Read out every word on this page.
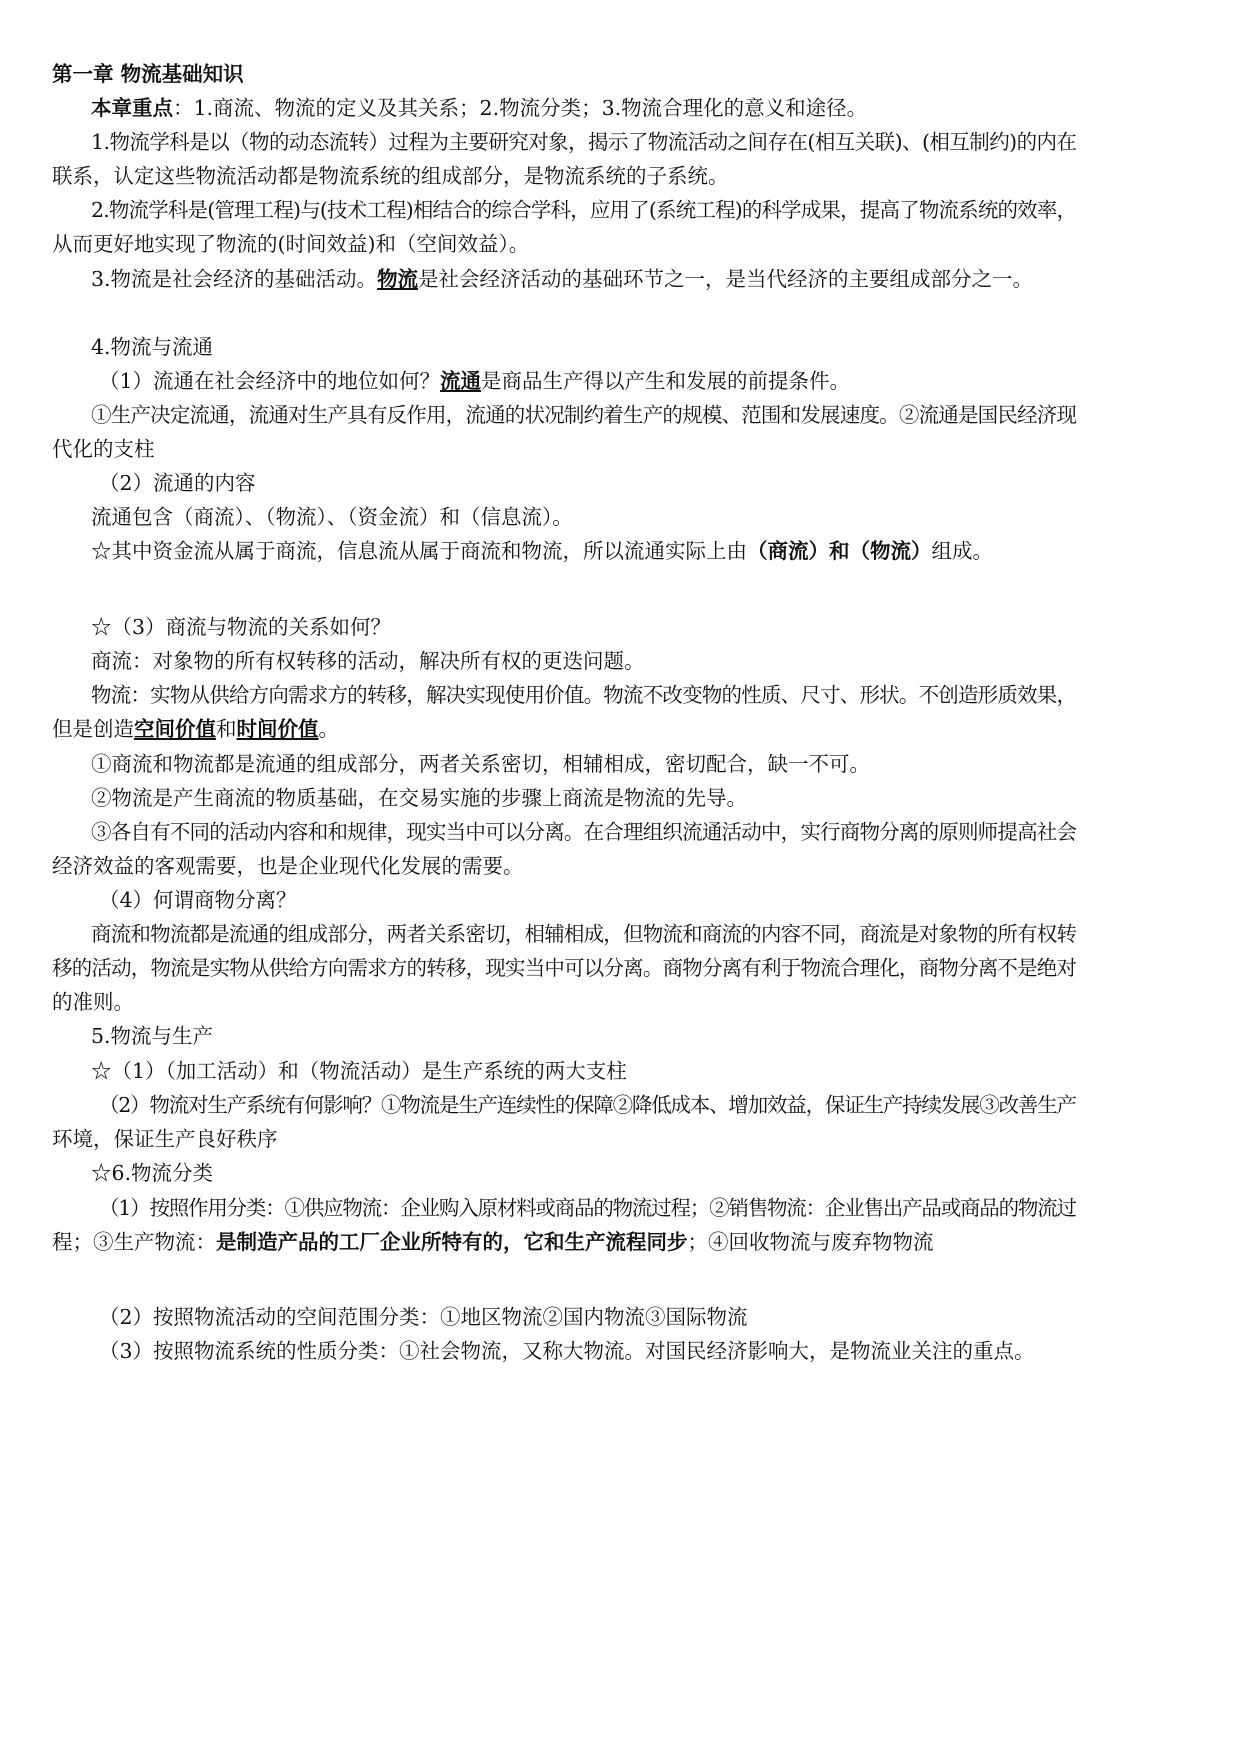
第一章 物流基础知识
本章重点：1.商流、物流的定义及其关系；2.物流分类；3.物流合理化的意义和途径。
1.物流学科是以（物的动态流转）过程为主要研究对象，揭示了物流活动之间存在(相互关联)、(相互制约)的内在
联系，认定这些物流活动都是物流系统的组成部分，是物流系统的子系统。
2.物流学科是(管理工程)与(技术工程)相结合的综合学科，应用了(系统工程)的科学成果，提高了物流系统的效率，
从而更好地实现了物流的(时间效益)和（空间效益）。
3.物流是社会经济的基础活动。物流是社会经济活动的基础环节之一，是当代经济的主要组成部分之一。
4.物流与流通
（1）流通在社会经济中的地位如何？流通是商品生产得以产生和发展的前提条件。
①生产决定流通，流通对生产具有反作用，流通的状况制约着生产的规模、范围和发展速度。②流通是国民经济现
代化的支柱
（2）流通的内容
流通包含（商流）、（物流）、（资金流）和（信息流）。
☆其中资金流从属于商流，信息流从属于商流和物流，所以流通实际上由（商流）和（物流）组成。
☆（3）商流与物流的关系如何？
商流：对象物的所有权转移的活动，解决所有权的更迭问题。
物流：实物从供给方向需求方的转移，解决实现使用价值。物流不改变物的性质、尺寸、形状。不创造形质效果，
但是创造空间价值和时间价值。
①商流和物流都是流通的组成部分，两者关系密切，相辅相成，密切配合，缺一不可。
②物流是产生商流的物质基础，在交易实施的步骤上商流是物流的先导。
③各自有不同的活动内容和和规律，现实当中可以分离。在合理组织流通活动中，实行商物分离的原则师提高社会
经济效益的客观需要，也是企业现代化发展的需要。
（4）何谓商物分离？
商流和物流都是流通的组成部分，两者关系密切，相辅相成，但物流和商流的内容不同，商流是对象物的所有权转
移的活动，物流是实物从供给方向需求方的转移，现实当中可以分离。商物分离有利于物流合理化，商物分离不是绝对
的准则。
5.物流与生产
☆（1）（加工活动）和（物流活动）是生产系统的两大支柱
（2）物流对生产系统有何影响？①物流是生产连续性的保障②降低成本、增加效益，保证生产持续发展③改善生产
环境，保证生产良好秩序
☆6.物流分类
（1）按照作用分类：①供应物流：企业购入原材料或商品的物流过程；②销售物流：企业售出产品或商品的物流过
程；③生产物流：是制造产品的工厂企业所特有的，它和生产流程同步；④回收物流与废弃物物流
（2）按照物流活动的空间范围分类：①地区物流②国内物流③国际物流
（3）按照物流系统的性质分类：①社会物流，又称大物流。对国民经济影响大，是物流业关注的重点。
